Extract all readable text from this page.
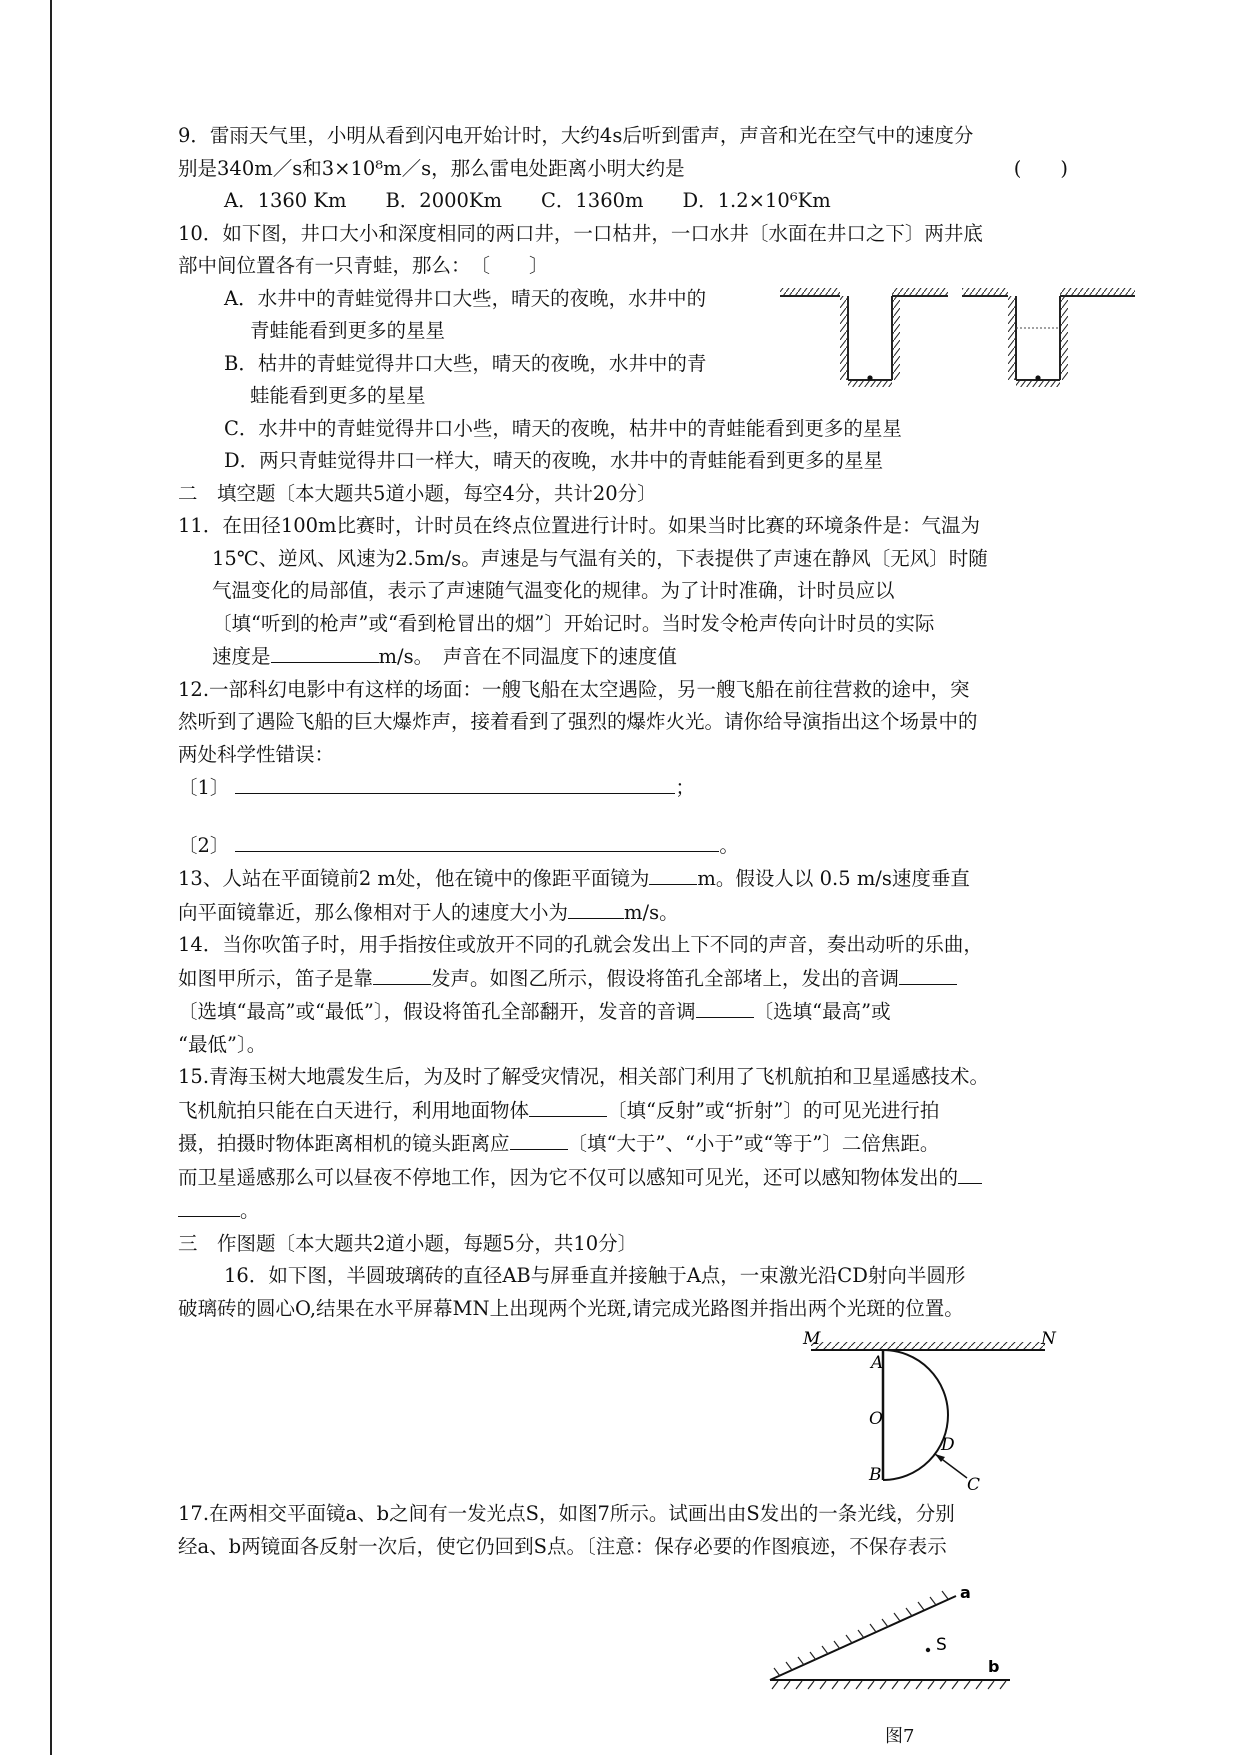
9．雷雨天气里，小明从看到闪电开始计时，大约4s后听到雷声，声音和光在空气中的速度分

别是340m／s和3×10⁸m／s，那么雷电处距离小明大约是	(　　)

A．1360 Km　　B．2000Km　　C．1360m　　D．1.2×10⁶Km

10．如下图，井口大小和深度相同的两口井，一口枯井，一口水井〔水面在井口之下〕两井底

部中间位置各有一只青蛙，那么：　〔　　〕

A．水井中的青蛙觉得井口大些，晴天的夜晚，水井中的

青蛙能看到更多的星星

B．枯井的青蛙觉得井口大些，晴天的夜晚，水井中的青

蛙能看到更多的星星

C．水井中的青蛙觉得井口小些，晴天的夜晚，枯井中的青蛙能看到更多的星星

D．两只青蛙觉得井口一样大，晴天的夜晚，水井中的青蛙能看到更多的星星

二　填空题〔本大题共5道小题，每空4分，共计20分〕

11．在田径100m比赛时，计时员在终点位置进行计时。如果当时比赛的环境条件是：气温为

15℃、逆风、风速为2.5m/s。声速是与气温有关的，下表提供了声速在静风〔无风〕时随

气温变化的局部值，表示了声速随气温变化的规律。为了计时准确，计时员应以

〔填“听到的枪声”或“看到枪冒出的烟”〕开始记时。当时发令枪声传向计时员的实际

速度是	m/s。　声音在不同温度下的速度值

12.一部科幻电影中有这样的场面：一艘飞船在太空遇险，另一艘飞船在前往营救的途中，突

然听到了遇险飞船的巨大爆炸声，接着看到了强烈的爆炸火光。请你给导演指出这个场景中的

两处科学性错误：

〔1〕	；

〔2〕	。

13、人站在平面镜前2 m处，他在镜中的像距平面镜为 m。假设人以 0.5 m/s速度垂直

向平面镜靠近，那么像相对于人的速度大小为	m/s。

14．当你吹笛子时，用手指按住或放开不同的孔就会发出上下不同的声音，奏出动听的乐曲，

如图甲所示，笛子是靠	发声。如图乙所示，假设将笛孔全部堵上，发出的音调

〔选填“最高”或“最低”〕，假设将笛孔全部翻开，发音的音调	〔选填“最高”或

“最低”〕。

15.青海玉树大地震发生后，为及时了解受灾情况，相关部门利用了飞机航拍和卫星遥感技术。

飞机航拍只能在白天进行，利用地面物体	〔填“反射”或“折射”〕的可见光进行拍

摄，拍摄时物体距离相机的镜头距离应	〔填“大于”、“小于”或“等于”〕二倍焦距。

而卫星遥感那么可以昼夜不停地工作，因为它不仅可以感知可见光，还可以感知物体发出的

。

三　作图题〔本大题共2道小题，每题5分，共10分〕

16．如下图，半圆玻璃砖的直径AB与屏垂直并接触于A点，一束激光沿CD射向半圆形

破璃砖的圆心O,结果在水平屏幕MN上出现两个光斑,请完成光路图并指出两个光斑的位置。

M	N
A
O
B
D
C

17.在两相交平面镜a、b之间有一发光点S，如图7所示。试画出由S发出的一条光线，分别

经a、b两镜面各反射一次后，使它仍回到S点。〔注意：保存必要的作图痕迹，不保存表示

a
S
b
图7
